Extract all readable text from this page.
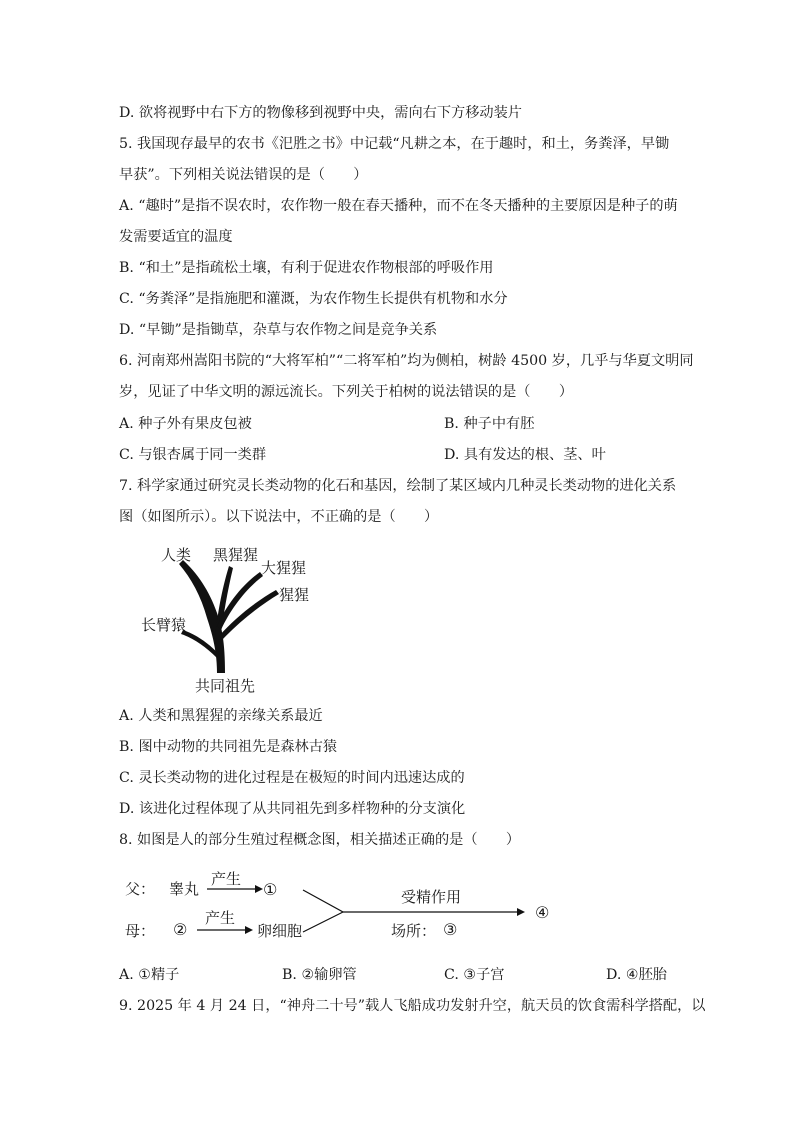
D. 欲将视野中右下方的物像移到视野中央，需向右下方移动装片
5. 我国现存最早的农书《汜胜之书》中记载“凡耕之本，在于趣时，和土，务粪泽，早锄
早获”。下列相关说法错误的是（　　）
A. “趣时”是指不误农时，农作物一般在春天播种，而不在冬天播种的主要原因是种子的萌
发需要适宜的温度
B. “和土”是指疏松土壤，有利于促进农作物根部的呼吸作用
C. “务粪泽”是指施肥和灌溉，为农作物生长提供有机物和水分
D. “早锄”是指锄草，杂草与农作物之间是竞争关系
6. 河南郑州嵩阳书院的“大将军柏”“二将军柏”均为侧柏，树龄 4500 岁，几乎与华夏文明同
岁，见证了中华文明的源远流长。下列关于柏树的说法错误的是（　　）
A. 种子外有果皮包被	B. 种子中有胚
C. 与银杏属于同一类群	D. 具有发达的根、茎、叶
7. 科学家通过研究灵长类动物的化石和基因，绘制了某区域内几种灵长类动物的进化关系
图（如图所示）。以下说法中，不正确的是（　　）
人类 黑猩猩
大猩猩
猩猩
长臂猿
共同祖先
A. 人类和黑猩猩的亲缘关系最近
B. 图中动物的共同祖先是森林古猿
C. 灵长类动物的进化过程是在极短的时间内迅速达成的
D. 该进化过程体现了从共同祖先到多样物种的分支演化
8. 如图是人的部分生殖过程概念图，相关描述正确的是（　　）
父： 睾丸
产生
①
母： ②
产生
卵细胞
受精作用
场所： ③
④
A. ①精子	B. ②输卵管	C. ③子宫	D. ④胚胎
9. 2025 年 4 月 24 日，“神舟二十号”载人飞船成功发射升空，航天员的饮食需科学搭配，以
